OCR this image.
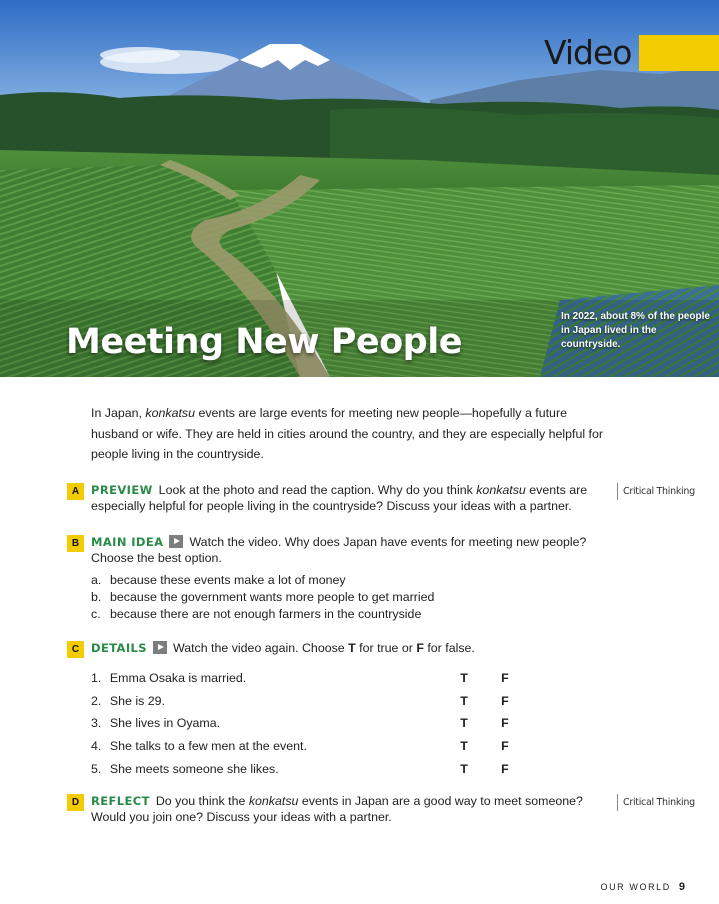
Video
Meeting New People
In 2022, about 8% of the people in Japan lived in the countryside.

In Japan, konkatsu events are large events for meeting new people—hopefully a future husband or wife. They are held in cities around the country, and they are especially helpful for people living in the countryside.

A	PREVIEW Look at the photo and read the caption. Why do you think konkatsu events are especially helpful for people living in the countryside? Discuss your ideas with a partner.

Critical Thinking
B	MAIN IDEA Watch the video. Why does Japan have events for meeting new people? Choose the best option.

a. because these events make a lot of money
b. because the government wants more people to get married
c. because there are not enough farmers in the countryside
C	DETAILS Watch the video again. Choose T for true or F for false.

1. Emma Osaka is married.	T	F
2. She is 29.	T	F
3. She lives in Oyama.	T	F
4. She talks to a few men at the event.	T	F
5. She meets someone she likes.	T	F
D	REFLECT Do you think the konkatsu events in Japan are a good way to meet someone? Would you join one? Discuss your ideas with a partner.

Critical Thinking
OUR WORLD 9
